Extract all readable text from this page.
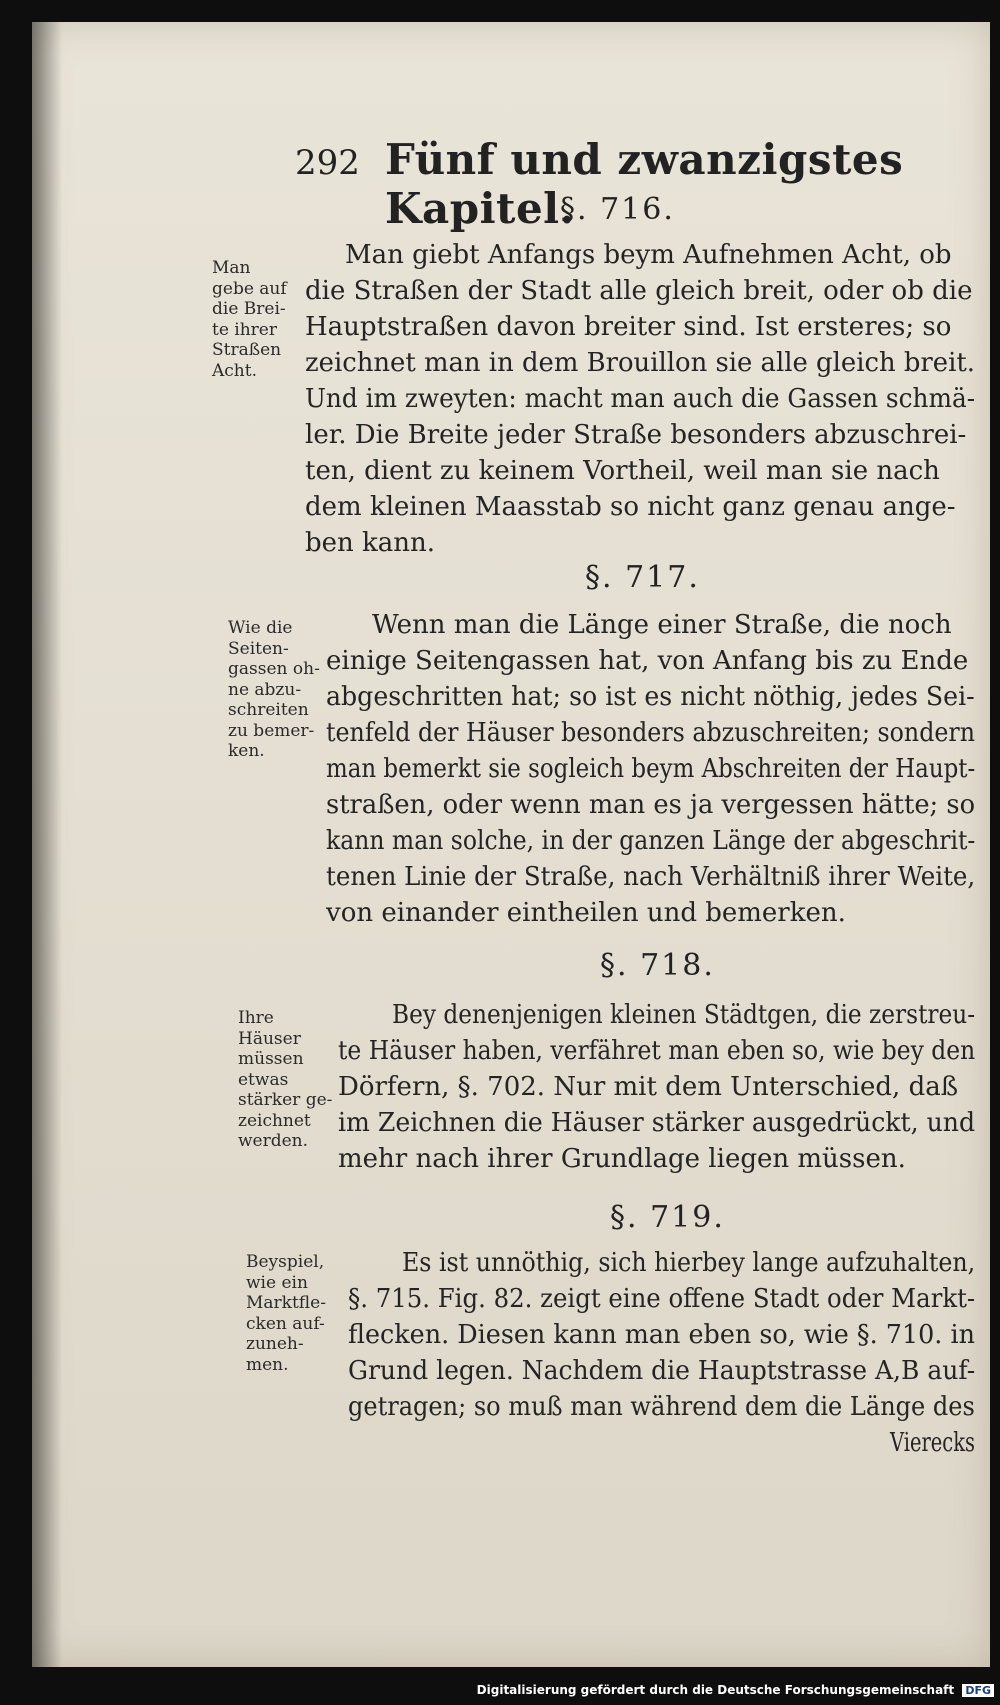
292 Fünf und zwanzigstes Kapitel.
§. 716.
Man
gebe auf
die Brei-
te ihrer
Straßen
Acht.
Man giebt Anfangs beym Aufnehmen Acht, ob
die Straßen der Stadt alle gleich breit, oder ob die
Hauptstraßen davon breiter sind. Ist ersteres; so
zeichnet man in dem Brouillon sie alle gleich breit.
Und im zweyten: macht man auch die Gassen schmä-
ler. Die Breite jeder Straße besonders abzuschrei-
ten, dient zu keinem Vortheil, weil man sie nach
dem kleinen Maasstab so nicht ganz genau ange-
ben kann.
§. 717.
Wie die
Seiten-
gassen oh-
ne abzu-
schreiten
zu bemer-
ken.
Wenn man die Länge einer Straße, die noch
einige Seitengassen hat, von Anfang bis zu Ende
abgeschritten hat; so ist es nicht nöthig, jedes Sei-
tenfeld der Häuser besonders abzuschreiten; sondern
man bemerkt sie sogleich beym Abschreiten der Haupt-
straßen, oder wenn man es ja vergessen hätte; so
kann man solche, in der ganzen Länge der abgeschrit-
tenen Linie der Straße, nach Verhältniß ihrer Weite,
von einander eintheilen und bemerken.
§. 718.
Ihre
Häuser
müssen
etwas
stärker ge-
zeichnet
werden.
Bey denenjenigen kleinen Städtgen, die zerstreu-
te Häuser haben, verfähret man eben so, wie bey den
Dörfern, §. 702. Nur mit dem Unterschied, daß
im Zeichnen die Häuser stärker ausgedrückt, und
mehr nach ihrer Grundlage liegen müssen.
§. 719.
Beyspiel,
wie ein
Marktfle-
cken auf-
zuneh-
men.
Es ist unnöthig, sich hierbey lange aufzuhalten,
§. 715. Fig. 82. zeigt eine offene Stadt oder Markt-
flecken. Diesen kann man eben so, wie §. 710. in
Grund legen. Nachdem die Hauptstrasse A,B auf-
getragen; so muß man während dem die Länge des
Vierecks
Digitalisierung gefördert durch die Deutsche Forschungsgemeinschaft DFG
